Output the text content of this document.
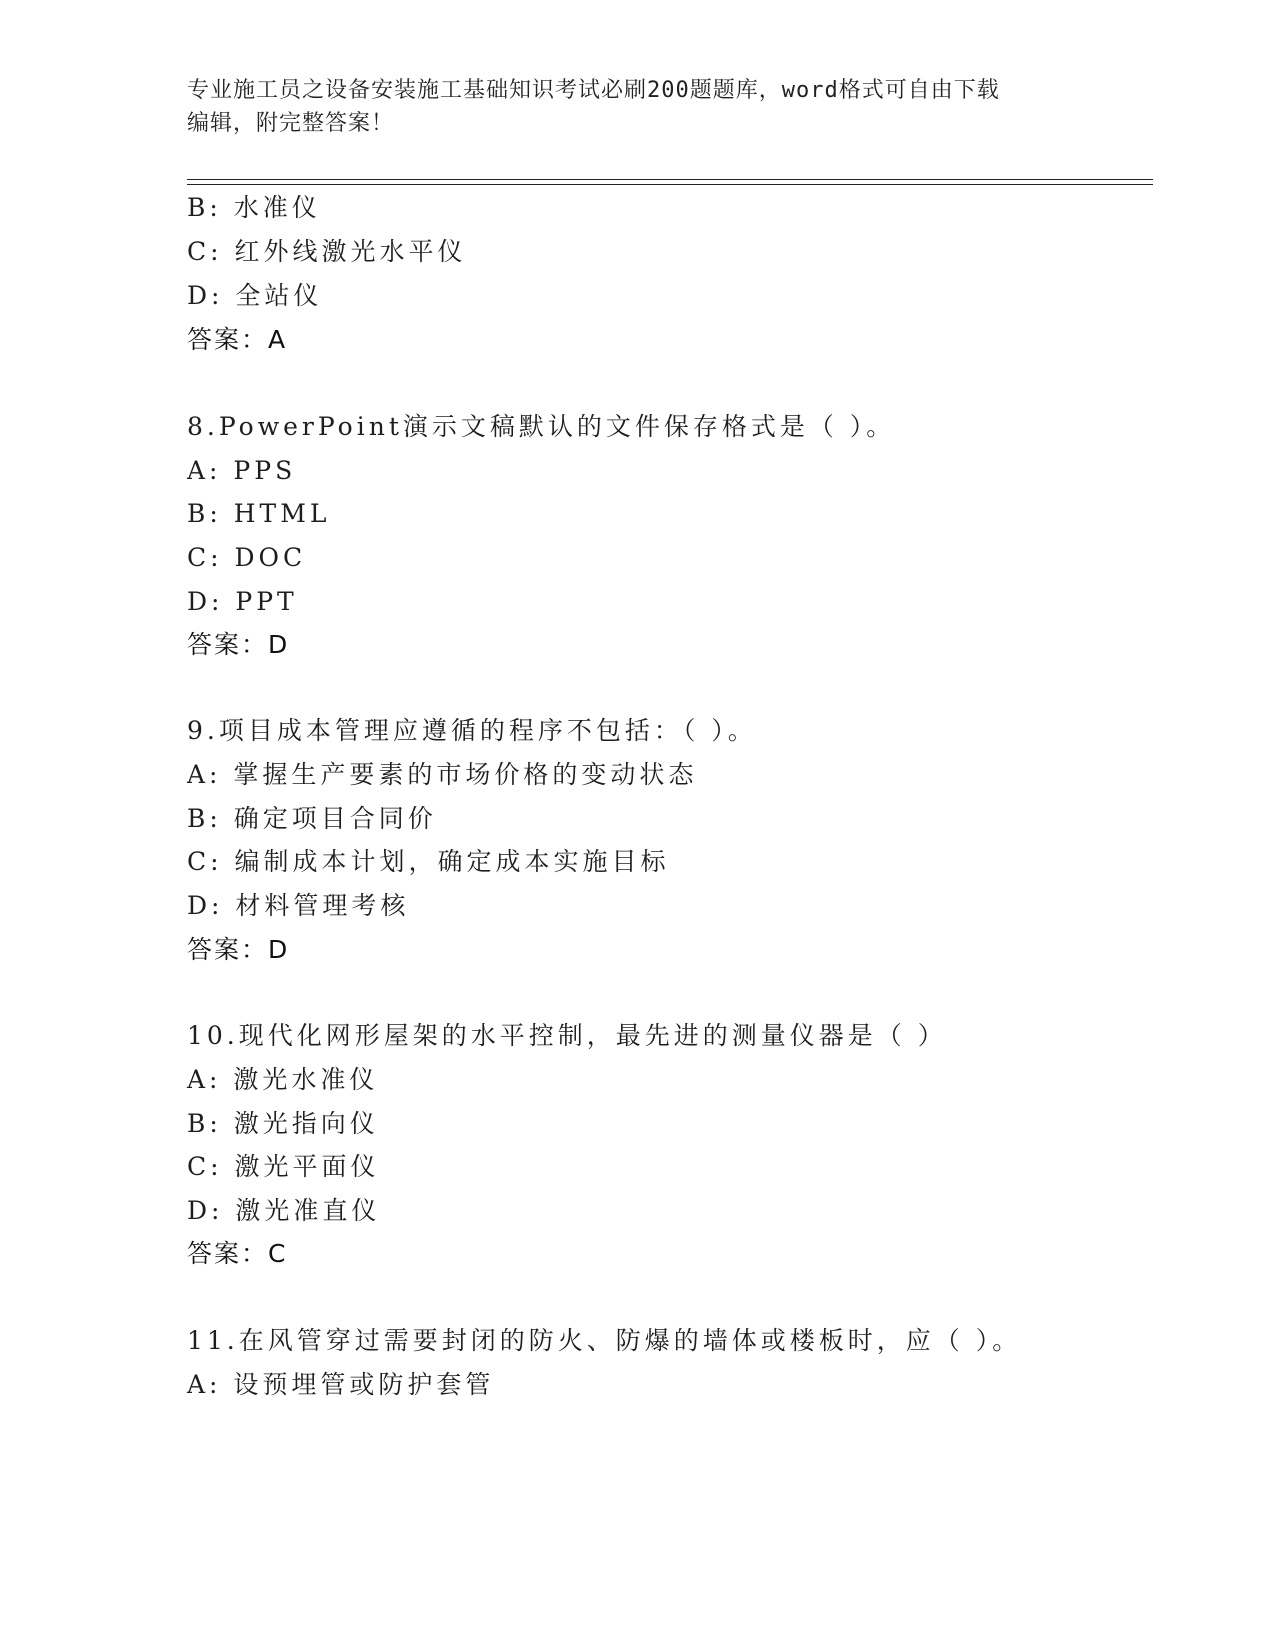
专业施工员之设备安装施工基础知识考试必刷200题题库，word格式可自由下载
编辑，附完整答案！
B: 水准仪
C: 红外线激光水平仪
D: 全站仪
答案：A
8.PowerPoint演示文稿默认的文件保存格式是（ ）。
A: PPS
B: HTML
C: DOC
D: PPT
答案：D
9.项目成本管理应遵循的程序不包括：（ ）。
A: 掌握生产要素的市场价格的变动状态
B: 确定项目合同价
C: 编制成本计划，确定成本实施目标
D: 材料管理考核
答案：D
10.现代化网形屋架的水平控制，最先进的测量仪器是（ ）
A: 激光水准仪
B: 激光指向仪
C: 激光平面仪
D: 激光准直仪
答案：C
11.在风管穿过需要封闭的防火、防爆的墙体或楼板时，应（ ）。
A: 设预埋管或防护套管
